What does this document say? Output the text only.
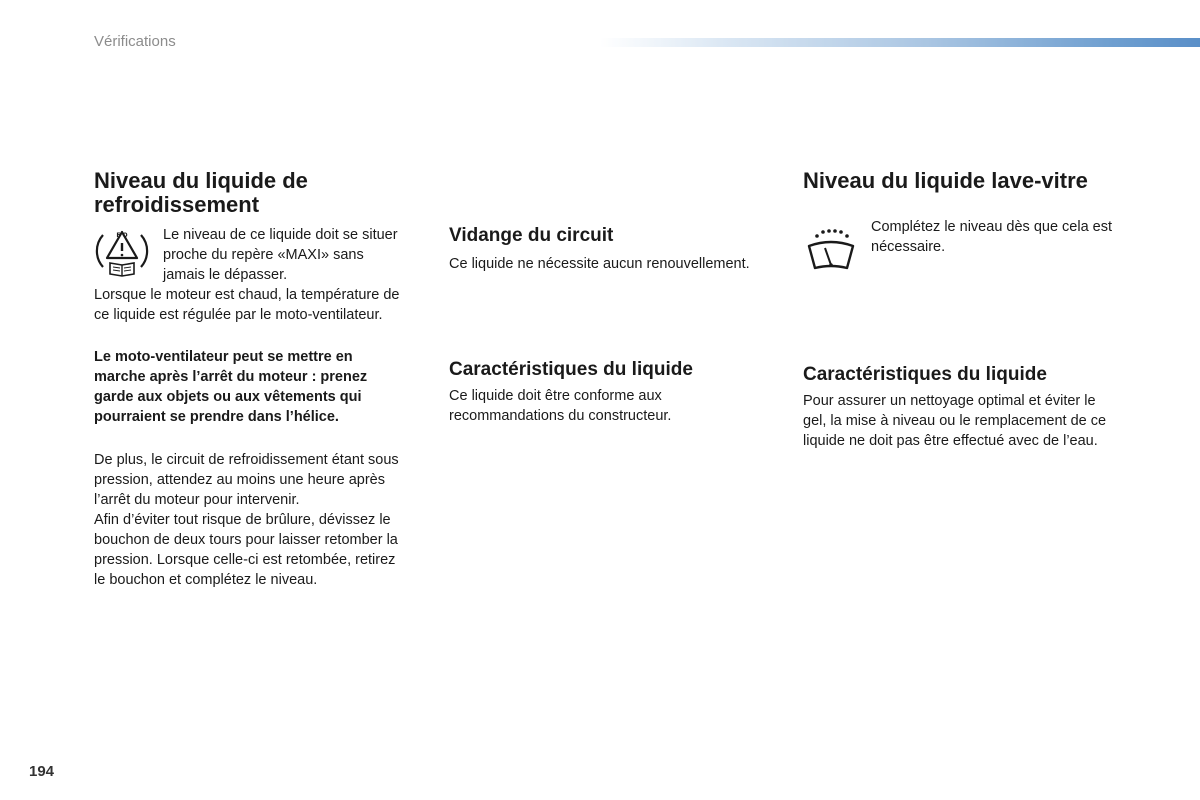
Vérifications
Niveau du liquide de
refroidissement
F O Le niveau de ce liquide doit se situer

proche du repère «MAXI» sans

jamais le dépasser.

Lorsque le moteur est chaud, la température de

ce liquide est régulée par le moto-ventilateur.

Le moto-ventilateur peut se mettre en

marche après l’arrêt du moteur : prenez

garde aux objets ou aux vêtements qui

pourraient se prendre dans l’hélice.

De plus, le circuit de refroidissement étant sous

pression, attendez au moins une heure après

l’arrêt du moteur pour intervenir.

Afin d’éviter tout risque de brûlure, dévissez le

bouchon de deux tours pour laisser retomber la

pression. Lorsque celle-ci est retombée, retirez

le bouchon et complétez le niveau.

Vidange du circuit

Ce liquide ne nécessite aucun renouvellement.

Caractéristiques du liquide

Ce liquide doit être conforme aux

recommandations du constructeur.

Niveau du liquide lave-vitre

Complétez le niveau dès que cela est

nécessaire.

Caractéristiques du liquide

Pour assurer un nettoyage optimal et éviter le

gel, la mise à niveau ou le remplacement de ce

liquide ne doit pas être effectué avec de l’eau.

194
